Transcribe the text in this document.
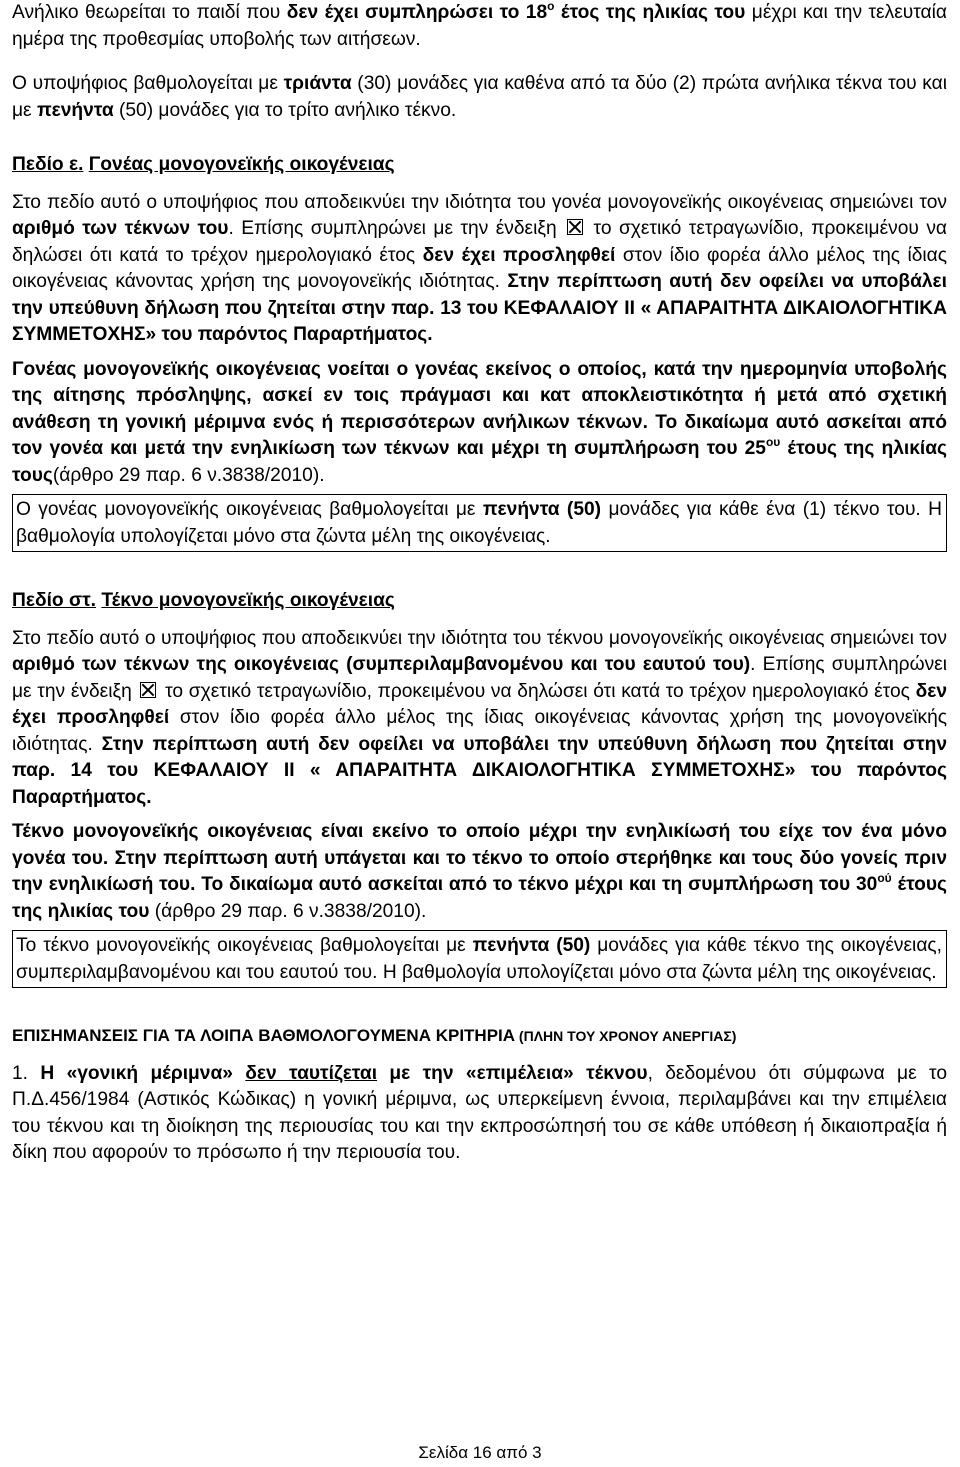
Ανήλικο θεωρείται το παιδί που δεν έχει συμπληρώσει το $18^o$ έτος της ηλικίας του μέχρι και την τελευταία ημέρα της προθεσμίας υποβολής των αιτήσεων.

Ο υποψήφιος βαθμολογείται με τριάντα (30) μονάδες για καθένα από τα δύο (2) πρώτα ανήλικα τέκνα του και με πενήντα (50) μονάδες για το τρίτο ανήλικο τέκνο.

Πεδίο ε. Γονέας μονογονεϊκής οικογένειας

Στο πεδίο αυτό ο υποψήφιος που αποδεικνύει την ιδιότητα του γονέα μονογονεϊκής οικογένειας σημειώνει τον αριθμό των τέκνων του. Επίσης συμπληρώνει με την ένδειξη  το σχετικό τετραγωνίδιο, προκειμένου να δηλώσει ότι κατά το τρέχον ημερολογιακό έτος δεν έχει προσληφθεί στον ίδιο φορέα άλλο μέλος της ίδιας οικογένειας κάνοντας χρήση της μονογονεϊκής ιδιότητας. Στην περίπτωση αυτή δεν οφείλει να υποβάλει την υπεύθυνη δήλωση που ζητείται στην παρ. 13 του ΚΕΦΑΛΑΙΟΥ ΙΙ « ΑΠΑΡΑΙΤΗΤΑ ΔΙΚΑΙΟΛΟΓΗΤΙΚΑ ΣΥΜΜΕΤΟΧΗΣ» του παρόντος Παραρτήματος.

Γονέας μονογονεϊκής οικογένειας νοείται ο γονέας εκείνος ο οποίος, κατά την ημερομηνία υποβολής της αίτησης πρόσληψης, ασκεί εν τοις πράγμασι και κατ αποκλειστικότητα ή μετά από σχετική ανάθεση τη γονική μέριμνα ενός ή περισσότερων ανήλικων τέκνων. Το δικαίωμα αυτό ασκείται από τον γονέα και μετά την ενηλικίωση των τέκνων και μέχρι τη συμπλήρωση του $25^{o\upsilon}$ έτους της ηλικίας τους(άρθρο 29 παρ. 6 ν.3838/2010).

Ο γονέας μονογονεϊκής οικογένειας βαθμολογείται με πενήντα (50) μονάδες για κάθε ένα (1) τέκνο του. Η βαθμολογία υπολογίζεται μόνο στα ζώντα μέλη της οικογένειας.

Πεδίο στ. Τέκνο μονογονεϊκής οικογένειας

Στο πεδίο αυτό ο υποψήφιος που αποδεικνύει την ιδιότητα του τέκνου μονογονεϊκής οικογένειας σημειώνει τον αριθμό των τέκνων της οικογένειας (συμπεριλαμβανομένου και του εαυτού του). Επίσης συμπληρώνει με την ένδειξη  το σχετικό τετραγωνίδιο, προκειμένου να δηλώσει ότι κατά το τρέχον ημερολογιακό έτος δεν έχει προσληφθεί στον ίδιο φορέα άλλο μέλος της ίδιας οικογένειας κάνοντας χρήση της μονογονεϊκής ιδιότητας. Στην περίπτωση αυτή δεν οφείλει να υποβάλει την υπεύθυνη δήλωση που ζητείται στην παρ. 14 του ΚΕΦΑΛΑΙΟΥ ΙΙ « ΑΠΑΡΑΙΤΗΤΑ ΔΙΚΑΙΟΛΟΓΗΤΙΚΑ ΣΥΜΜΕΤΟΧΗΣ» του παρόντος Παραρτήματος.

Τέκνο μονογονεϊκής οικογένειας είναι εκείνο το οποίο μέχρι την ενηλικίωσή του είχε τον ένα μόνο γονέα του. Στην περίπτωση αυτή υπάγεται και το τέκνο το οποίο στερήθηκε και τους δύο γονείς πριν την ενηλικίωσή του. Το δικαίωμα αυτό ασκείται από το τέκνο μέχρι και τη συμπλήρωση του $30^{oύ}$ έτους της ηλικίας του (άρθρο 29 παρ. 6 ν.3838/2010).

Το τέκνο μονογονεϊκής οικογένειας βαθμολογείται με πενήντα (50) μονάδες για κάθε τέκνο της οικογένειας, συμπεριλαμβανομένου και του εαυτού του. Η βαθμολογία υπολογίζεται μόνο στα ζώντα μέλη της οικογένειας.

ΕΠΙΣΗΜΑΝΣΕΙΣ ΓΙΑ ΤΑ ΛΟΙΠΑ ΒΑΘΜΟΛΟΓΟΥΜΕΝΑ ΚΡΙΤΗΡΙΑ (ΠΛΗΝ ΤΟΥ ΧΡΟΝΟΥ ΑΝΕΡΓΙΑΣ)

1. Η «γονική μέριμνα» δεν ταυτίζεται με την «επιμέλεια» τέκνου, δεδομένου ότι σύμφωνα με το Π.Δ.456/1984 (Αστικός Κώδικας) η γονική μέριμνα, ως υπερκείμενη έννοια, περιλαμβάνει και την επιμέλεια του τέκνου και τη διοίκηση της περιουσίας του και την εκπροσώπησή του σε κάθε υπόθεση ή δικαιοπραξία ή δίκη που αφορούν το πρόσωπο ή την περιουσία του.

Σελίδα 16 από 3
